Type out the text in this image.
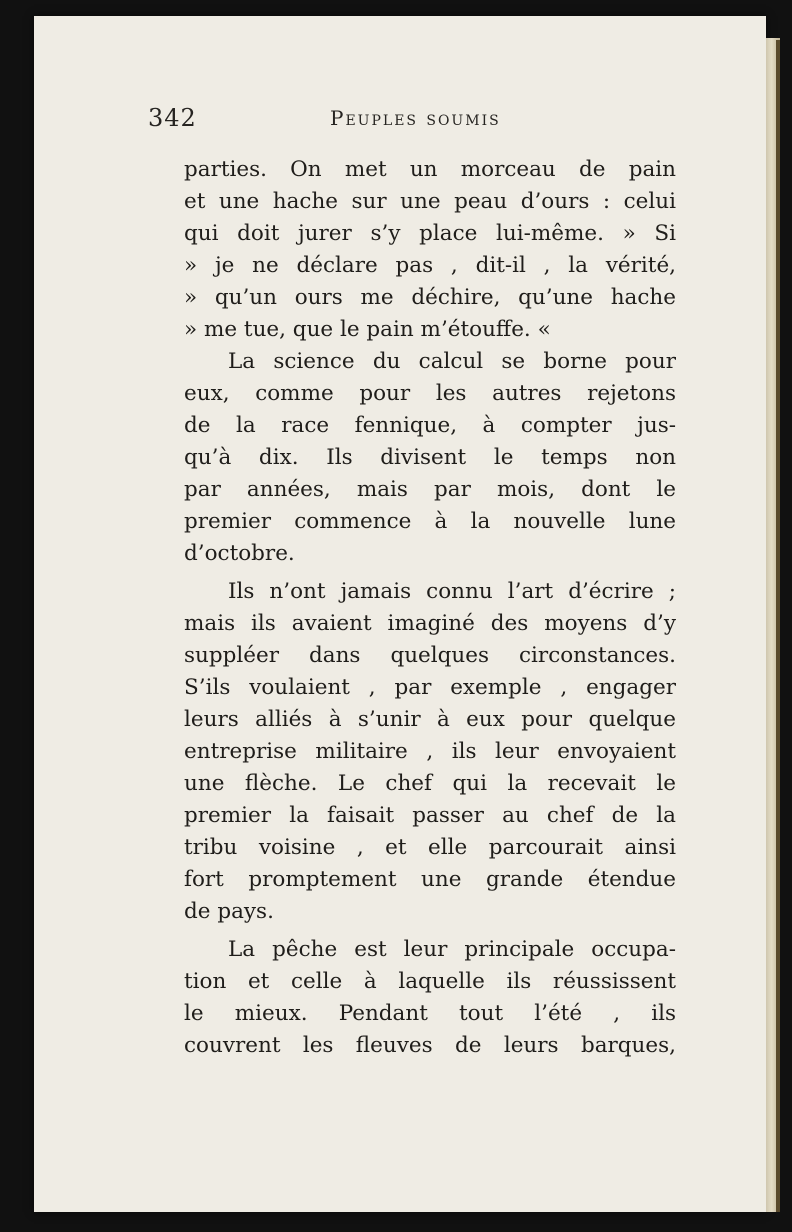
342	Peuples soumis
parties. On met un morceau de pain
et une hache sur une peau d’ours : celui
qui doit jurer s’y place lui-même. » Si
» je ne déclare pas , dit-il , la vérité,
» qu’un ours me déchire, qu’une hache
» me tue, que le pain m’étouffe. «
La science du calcul se borne pour
eux, comme pour les autres rejetons
de la race fennique, à compter jus-
qu’à dix. Ils divisent le temps non
par années, mais par mois, dont le
premier commence à la nouvelle lune
d’octobre.
Ils n’ont jamais connu l’art d’écrire ;
mais ils avaient imaginé des moyens d’y
suppléer dans quelques circonstances.
S’ils voulaient , par exemple , engager
leurs alliés à s’unir à eux pour quelque
entreprise militaire , ils leur envoyaient
une flèche. Le chef qui la recevait le
premier la faisait passer au chef de la
tribu voisine , et elle parcourait ainsi
fort promptement une grande étendue
de pays.
La pêche est leur principale occupa-
tion et celle à laquelle ils réussissent
le mieux. Pendant tout l’été , ils
couvrent les fleuves de leurs barques,
